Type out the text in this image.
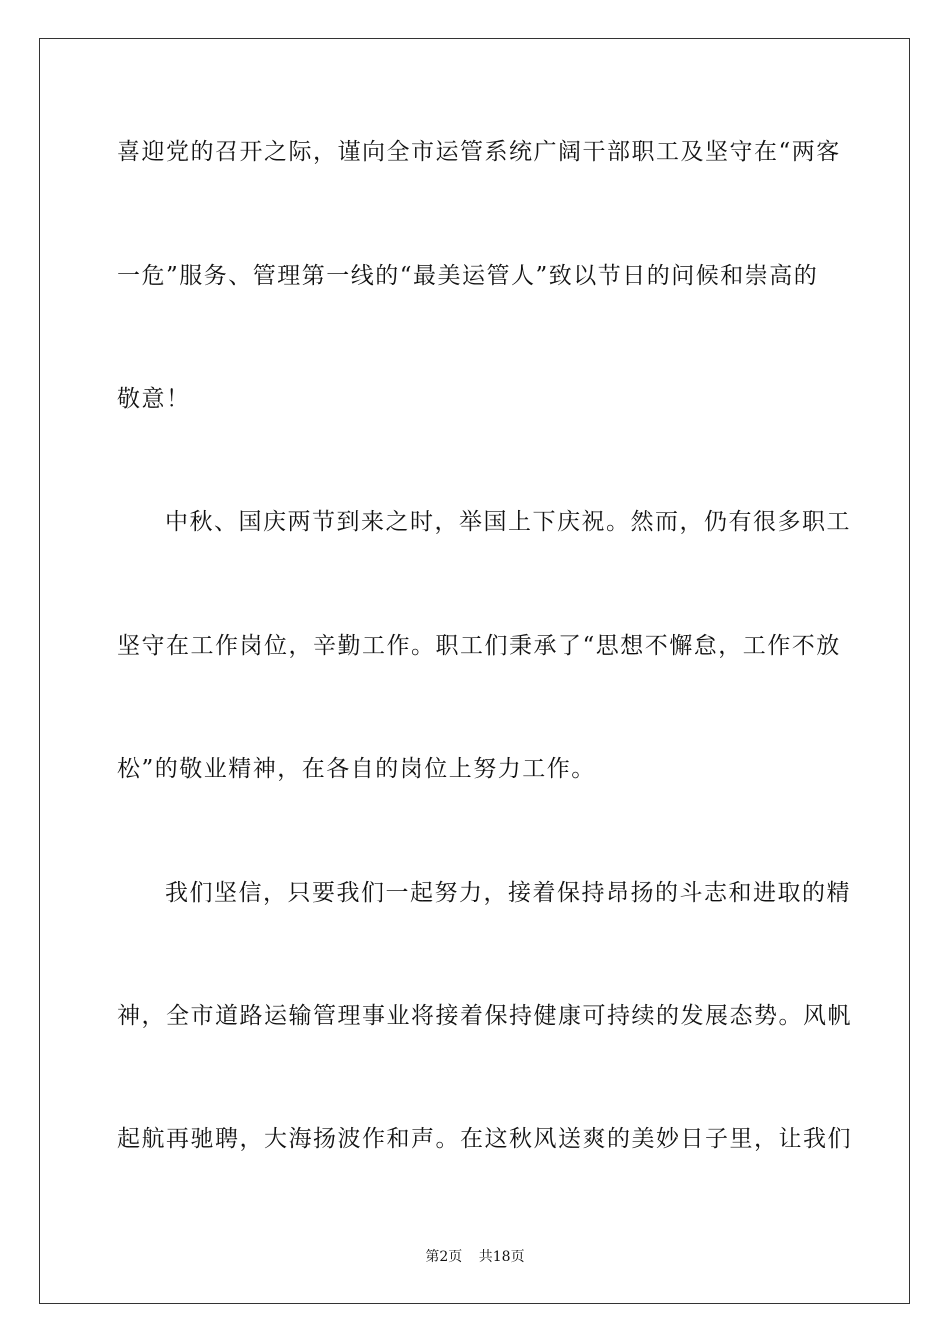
喜迎党的召开之际，谨向全市运管系统广阔干部职工及坚守在“两客
一危”服务、管理第一线的“最美运管人”致以节日的问候和崇高的
敬意！
中秋、国庆两节到来之时，举国上下庆祝。然而，仍有很多职工
坚守在工作岗位，辛勤工作。职工们秉承了“思想不懈怠，工作不放
松”的敬业精神，在各自的岗位上努力工作。
我们坚信，只要我们一起努力，接着保持昂扬的斗志和进取的精
神，全市道路运输管理事业将接着保持健康可持续的发展态势。风帆
起航再驰聘，大海扬波作和声。在这秋风送爽的美妙日子里，让我们
第2页 共18页
